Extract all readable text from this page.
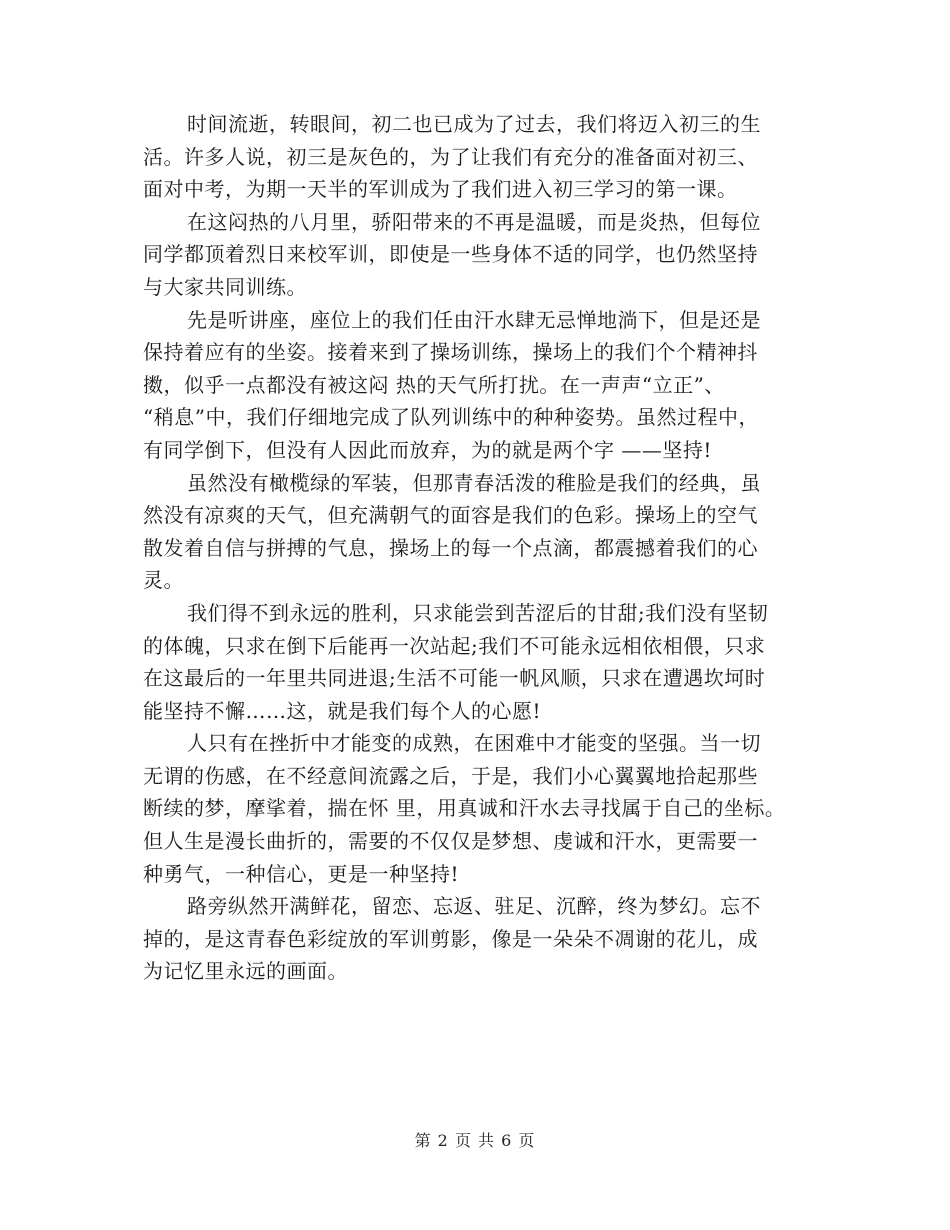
时间流逝，转眼间，初二也已成为了过去，我们将迈入初三的生
活。许多人说，初三是灰色的，为了让我们有充分的准备面对初三、
面对中考，为期一天半的军训成为了我们进入初三学习的第一课。
在这闷热的八月里，骄阳带来的不再是温暖，而是炎热，但每位
同学都顶着烈日来校军训，即使是一些身体不适的同学，也仍然坚持
与大家共同训练。
先是听讲座，座位上的我们任由汗水肆无忌惮地淌下，但是还是
保持着应有的坐姿。接着来到了操场训练，操场上的我们个个精神抖
擞，似乎一点都没有被这闷 热的天气所打扰。在一声声“立正”、
“稍息”中，我们仔细地完成了队列训练中的种种姿势。虽然过程中，
有同学倒下，但没有人因此而放弃，为的就是两个字 ——坚持!
虽然没有橄榄绿的军装，但那青春活泼的稚脸是我们的经典，虽
然没有凉爽的天气，但充满朝气的面容是我们的色彩。操场上的空气
散发着自信与拼搏的气息，操场上的每一个点滴，都震撼着我们的心
灵。
我们得不到永远的胜利，只求能尝到苦涩后的甘甜;我们没有坚韧
的体魄，只求在倒下后能再一次站起;我们不可能永远相依相偎，只求
在这最后的一年里共同进退;生活不可能一帆风顺，只求在遭遇坎坷时
能坚持不懈……这，就是我们每个人的心愿!
人只有在挫折中才能变的成熟，在困难中才能变的坚强。当一切
无谓的伤感，在不经意间流露之后，于是，我们小心翼翼地拾起那些
断续的梦，摩挲着，揣在怀 里，用真诚和汗水去寻找属于自己的坐标。
但人生是漫长曲折的，需要的不仅仅是梦想、虔诚和汗水，更需要一
种勇气，一种信心，更是一种坚持!
路旁纵然开满鲜花，留恋、忘返、驻足、沉醉，终为梦幻。忘不
掉的，是这青春色彩绽放的军训剪影，像是一朵朵不凋谢的花儿，成
为记忆里永远的画面。
第 2 页 共 6 页
